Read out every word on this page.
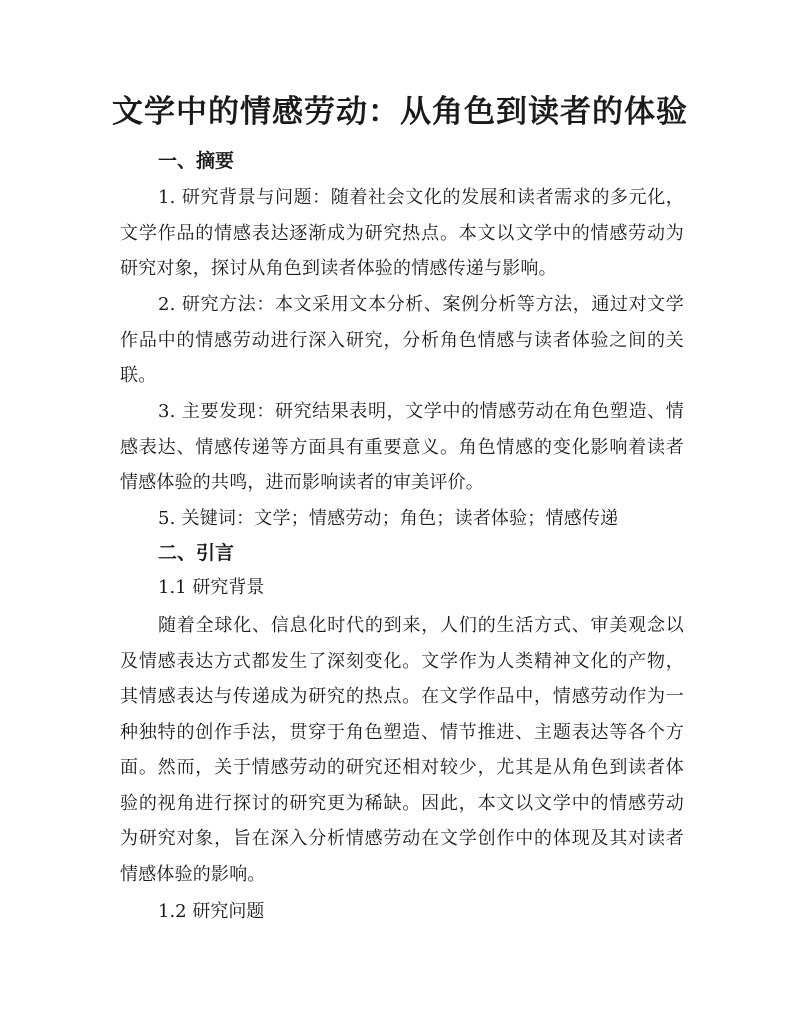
文学中的情感劳动：从角色到读者的体验
一、摘要

1. 研究背景与问题：随着社会文化的发展和读者需求的多元化，文学作品的情感表达逐渐成为研究热点。本文以文学中的情感劳动为研究对象，探讨从角色到读者体验的情感传递与影响。

2. 研究方法：本文采用文本分析、案例分析等方法，通过对文学作品中的情感劳动进行深入研究，分析角色情感与读者体验之间的关联。

3. 主要发现：研究结果表明，文学中的情感劳动在角色塑造、情感表达、情感传递等方面具有重要意义。角色情感的变化影响着读者情感体验的共鸣，进而影响读者的审美评价。

5. 关键词：文学；情感劳动；角色；读者体验；情感传递

二、引言
1.1 研究背景

随着全球化、信息化时代的到来，人们的生活方式、审美观念以及情感表达方式都发生了深刻变化。文学作为人类精神文化的产物，其情感表达与传递成为研究的热点。在文学作品中，情感劳动作为一种独特的创作手法，贯穿于角色塑造、情节推进、主题表达等各个方面。然而，关于情感劳动的研究还相对较少，尤其是从角色到读者体验的视角进行探讨的研究更为稀缺。因此，本文以文学中的情感劳动为研究对象，旨在深入分析情感劳动在文学创作中的体现及其对读者情感体验的影响。

1.2 研究问题
